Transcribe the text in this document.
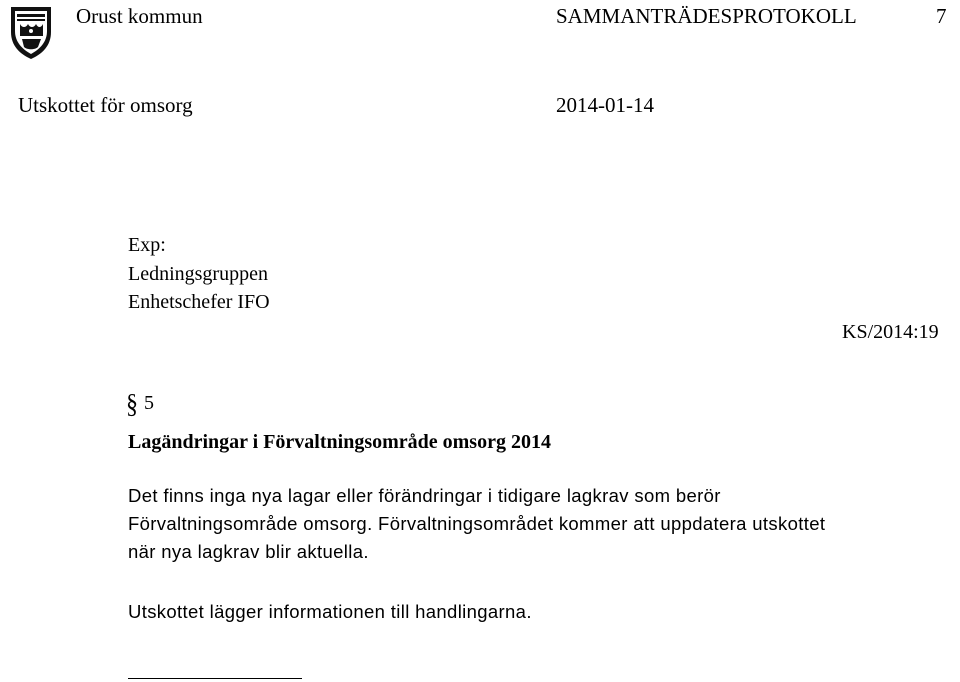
Orust kommun	SAMMANTRÄDESPROTOKOLL	7
Utskottet för omsorg	2014-01-14
Exp:
Ledningsgruppen
Enhetschefer IFO
KS/2014:19
§ 5
Lagändringar i Förvaltningsområde omsorg 2014
Det finns inga nya lagar eller förändringar i tidigare lagkrav som berör
Förvaltningsområde omsorg. Förvaltningsområdet kommer att uppdatera utskottet
när nya lagkrav blir aktuella.
Utskottet lägger informationen till handlingarna.
